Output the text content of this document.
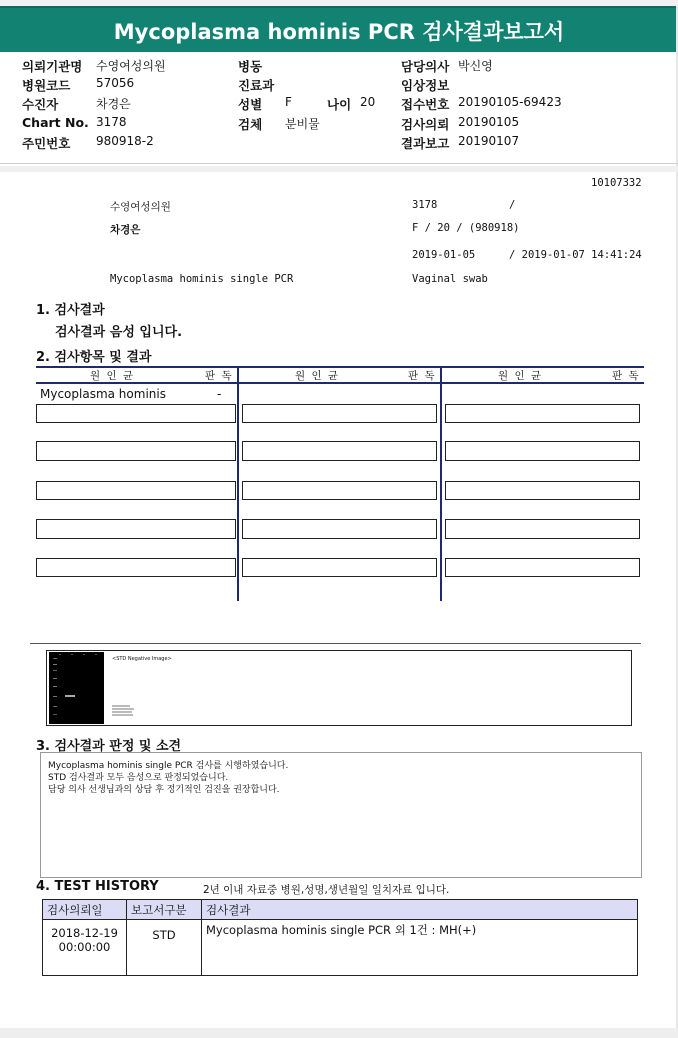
Mycoplasma hominis PCR 검사결과보고서
의뢰기관명 수영여성의원
병원코드 57056
수진자	차경은
Chart No. 3178
주민번호 980918-2
병동
진료과
성별 F	나이 20
검체 분비물
담당의사 박신영
임상정보
접수번호 20190105-69423
검사의뢰 20190105
결과보고 20190107
10107332
수영여성의원	3178	/
차경은	F / 20 / (980918)
2019-01-05	/ 2019-01-07 14:41:24
Mycoplasma hominis single PCR	Vaginal swab
1. 검사결과
검사결과 음성 입니다.
2. 검사항목 및 결과
원 인 균	판 독	원 인 균	판 독	원 인 균	판 독
Mycoplasma hominis	-
<STD Negative Image>
3. 검사결과 판정 및 소견
Mycoplasma hominis single PCR 검사를 시행하였습니다.
STD 검사결과 모두 음성으로 판정되었습니다.
담당 의사 선생님과의 상담 후 정기적인 검진을 권장합니다.
4. TEST HISTORY	2년 이내 자료중 병원,성명,생년월일 일치자료 입니다.
검사의뢰일	보고서구분	검사결과

2018-12-19
00:00:00	STD	Mycoplasma hominis single PCR 외 1건 : MH(+)
